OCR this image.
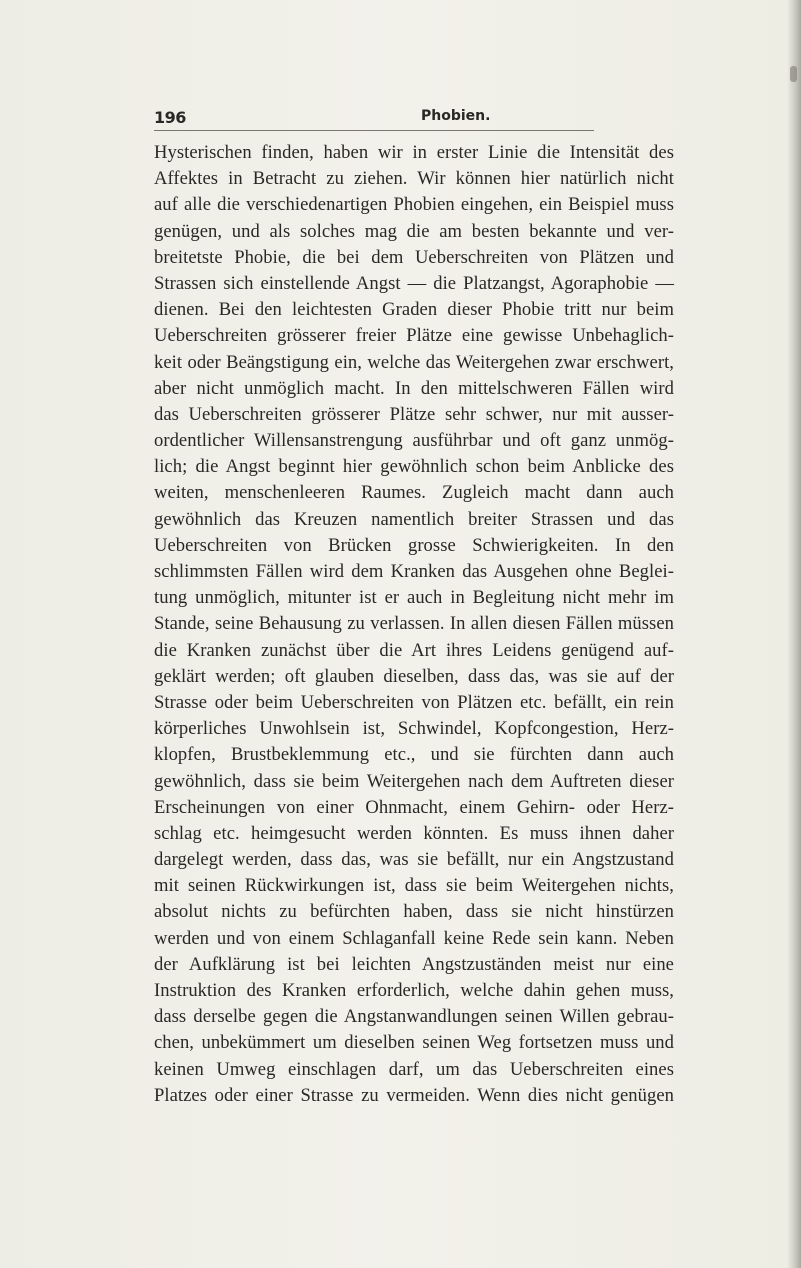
196	Phobien.
Hysterischen finden, haben wir in erster Linie die Intensität des
Affektes in Betracht zu ziehen. Wir können hier natürlich nicht
auf alle die verschiedenartigen Phobien eingehen, ein Beispiel muss
genügen, und als solches mag die am besten bekannte und ver-
breitetste Phobie, die bei dem Ueberschreiten von Plätzen und
Strassen sich einstellende Angst — die Platzangst, Agoraphobie —
dienen. Bei den leichtesten Graden dieser Phobie tritt nur beim
Ueberschreiten grösserer freier Plätze eine gewisse Unbehaglich-
keit oder Beängstigung ein, welche das Weitergehen zwar erschwert,
aber nicht unmöglich macht. In den mittelschweren Fällen wird
das Ueberschreiten grösserer Plätze sehr schwer, nur mit ausser-
ordentlicher Willensanstrengung ausführbar und oft ganz unmög-
lich; die Angst beginnt hier gewöhnlich schon beim Anblicke des
weiten, menschenleeren Raumes. Zugleich macht dann auch
gewöhnlich das Kreuzen namentlich breiter Strassen und das
Ueberschreiten von Brücken grosse Schwierigkeiten. In den
schlimmsten Fällen wird dem Kranken das Ausgehen ohne Beglei-
tung unmöglich, mitunter ist er auch in Begleitung nicht mehr im
Stande, seine Behausung zu verlassen. In allen diesen Fällen müssen
die Kranken zunächst über die Art ihres Leidens genügend auf-
geklärt werden; oft glauben dieselben, dass das, was sie auf der
Strasse oder beim Ueberschreiten von Plätzen etc. befällt, ein rein
körperliches Unwohlsein ist, Schwindel, Kopfcongestion, Herz-
klopfen, Brustbeklemmung etc., und sie fürchten dann auch
gewöhnlich, dass sie beim Weitergehen nach dem Auftreten dieser
Erscheinungen von einer Ohnmacht, einem Gehirn- oder Herz-
schlag etc. heimgesucht werden könnten. Es muss ihnen daher
dargelegt werden, dass das, was sie befällt, nur ein Angstzustand
mit seinen Rückwirkungen ist, dass sie beim Weitergehen nichts,
absolut nichts zu befürchten haben, dass sie nicht hinstürzen
werden und von einem Schlaganfall keine Rede sein kann. Neben
der Aufklärung ist bei leichten Angstzuständen meist nur eine
Instruktion des Kranken erforderlich, welche dahin gehen muss,
dass derselbe gegen die Angstanwandlungen seinen Willen gebrau-
chen, unbekümmert um dieselben seinen Weg fortsetzen muss und
keinen Umweg einschlagen darf, um das Ueberschreiten eines
Platzes oder einer Strasse zu vermeiden. Wenn dies nicht genügen
